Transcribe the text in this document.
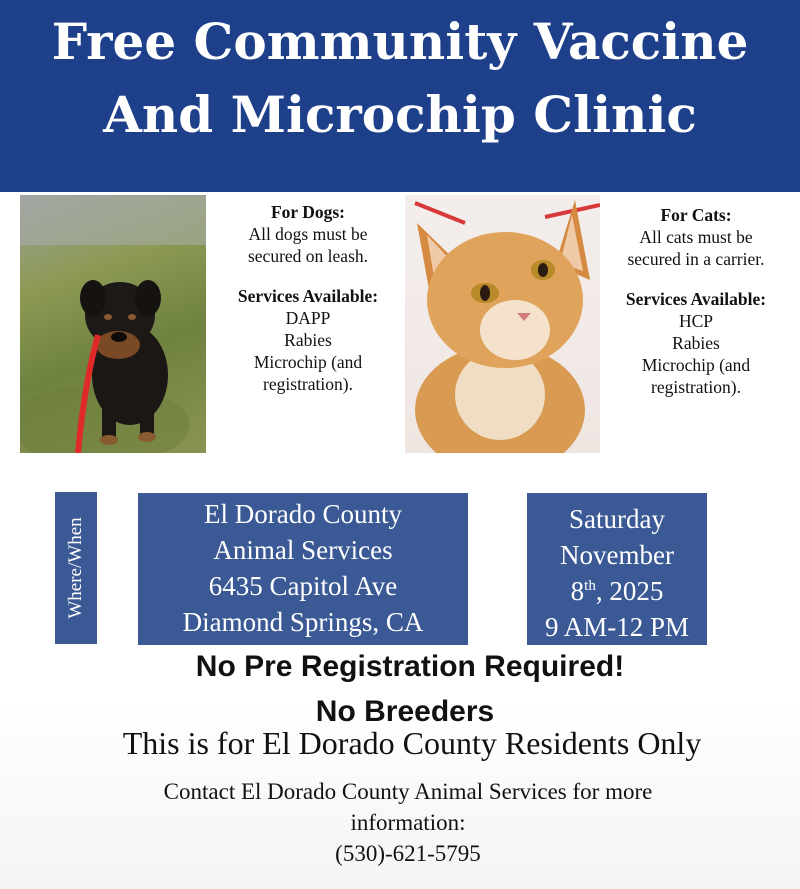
Free Community Vaccine
And Microchip Clinic
For Dogs:
All dogs must be
secured on leash.
Services Available:
DAPP
Rabies
Microchip (and
registration).
For Cats:
All cats must be
secured in a carrier.
Services Available:
HCP
Rabies
Microchip (and
registration).
Where/When
El Dorado County
Animal Services
6435 Capitol Ave
Diamond Springs, CA
Saturday
November
8th, 2025
9 AM-12 PM
No Pre Registration Required!
No Breeders
This is for El Dorado County Residents Only
Contact El Dorado County Animal Services for more
information:
(530)-621-5795
